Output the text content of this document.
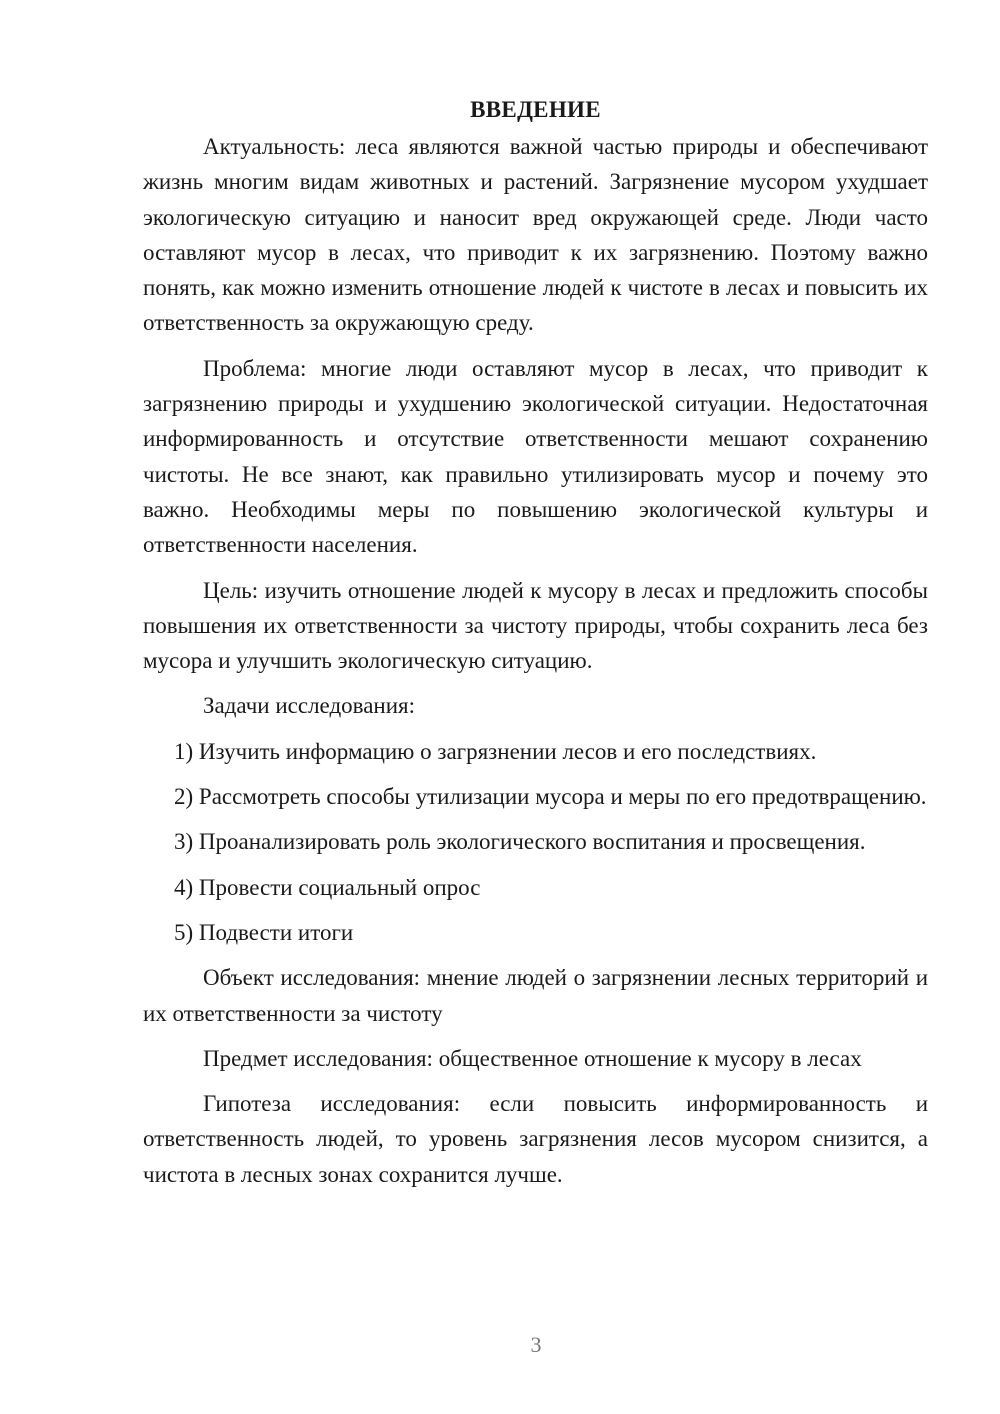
ВВЕДЕНИЕ

Актуальность: леса являются важной частью природы и обеспечивают жизнь многим видам животных и растений. Загрязнение мусором ухудшает экологическую ситуацию и наносит вред окружающей среде. Люди часто оставляют мусор в лесах, что приводит к их загрязнению. Поэтому важно понять, как можно изменить отношение людей к чистоте в лесах и повысить их ответственность за окружающую среду.

Проблема: многие люди оставляют мусор в лесах, что приводит к загрязнению природы и ухудшению экологической ситуации. Недостаточная информированность и отсутствие ответственности мешают сохранению чистоты. Не все знают, как правильно утилизировать мусор и почему это важно. Необходимы меры по повышению экологической культуры и ответственности населения.

Цель: изучить отношение людей к мусору в лесах и предложить способы повышения их ответственности за чистоту природы, чтобы сохранить леса без мусора и улучшить экологическую ситуацию.

Задачи исследования:

1) Изучить информацию о загрязнении лесов и его последствиях.

2) Рассмотреть способы утилизации мусора и меры по его предотвращению.

3) Проанализировать роль экологического воспитания и просвещения.

4) Провести социальный опрос

5) Подвести итоги

Объект исследования: мнение людей о загрязнении лесных территорий и их ответственности за чистоту

Предмет исследования: общественное отношение к мусору в лесах

Гипотеза исследования: если повысить информированность и ответственность людей, то уровень загрязнения лесов мусором снизится, а чистота в лесных зонах сохранится лучше.

3
